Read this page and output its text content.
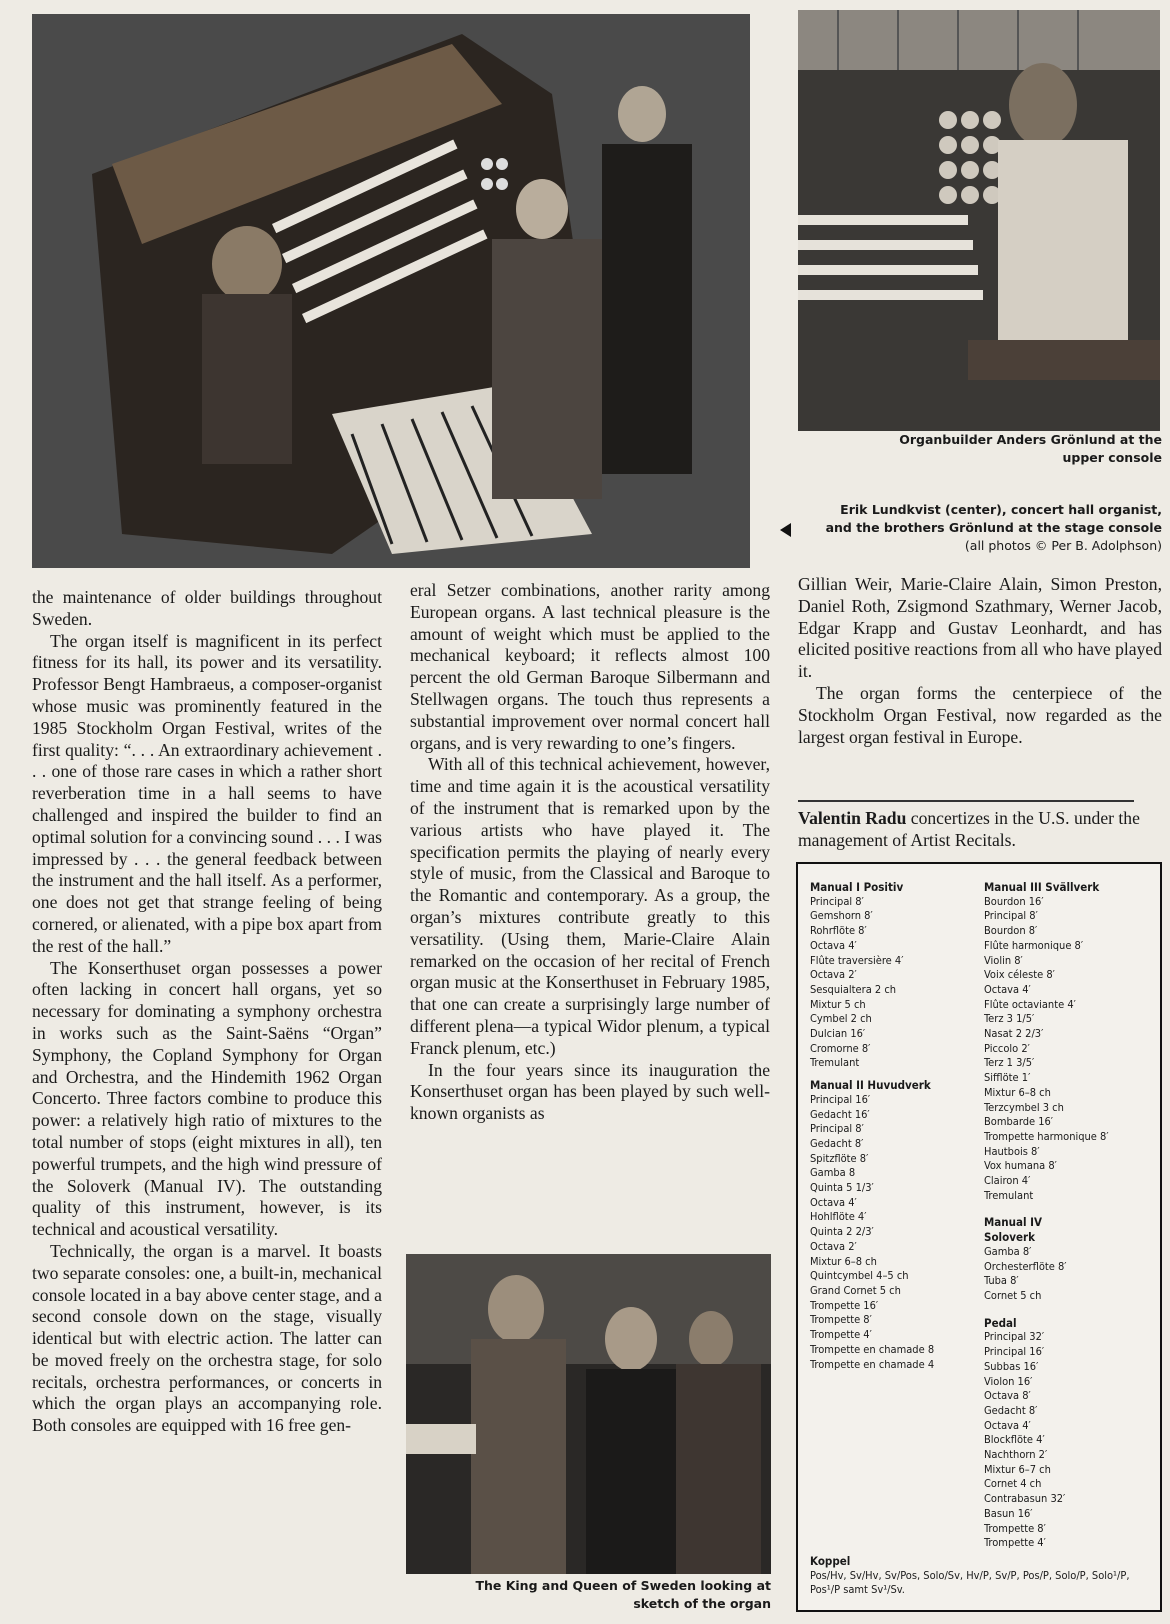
Organbuilder Anders Grönlund at the upper console
Erik Lundkvist (center), concert hall organist,
and the brothers Grönlund at the stage console
(all photos © Per B. Adolphson)
The King and Queen of Sweden looking at sketch of the organ

the maintenance of older buildings throughout Sweden.

The organ itself is magnificent in its perfect fitness for its hall, its power and its versatility. Professor Bengt Hambraeus, a composer-organist whose music was prominently featured in the 1985 Stockholm Organ Festival, writes of the first quality: “. . . An extraordinary achievement . . . one of those rare cases in which a rather short reverberation time in a hall seems to have challenged and inspired the builder to find an optimal solution for a convincing sound . . . I was impressed by . . . the general feedback between the instrument and the hall itself. As a performer, one does not get that strange feeling of being cornered, or alienated, with a pipe box apart from the rest of the hall.”

The Konserthuset organ possesses a power often lacking in concert hall organs, yet so necessary for dominating a symphony orchestra in works such as the Saint-Saëns “Organ” Symphony, the Copland Symphony for Organ and Orchestra, and the Hindemith 1962 Organ Concerto. Three factors combine to produce this power: a relatively high ratio of mixtures to the total number of stops (eight mixtures in all), ten powerful trumpets, and the high wind pressure of the Soloverk (Manual IV). The outstanding quality of this instrument, however, is its technical and acoustical versatility.

Technically, the organ is a marvel. It boasts two separate consoles: one, a built-in, mechanical console located in a bay above center stage, and a second console down on the stage, visually identical but with electric action. The latter can be moved freely on the orchestra stage, for solo recitals, orchestra performances, or concerts in which the organ plays an accompanying role. Both consoles are equipped with 16 free gen-

eral Setzer combinations, another rarity among European organs. A last technical pleasure is the amount of weight which must be applied to the mechanical keyboard; it reflects almost 100 percent the old German Baroque Silbermann and Stellwagen organs. The touch thus represents a substantial improvement over normal concert hall organs, and is very rewarding to one’s fingers.

With all of this technical achievement, however, time and time again it is the acoustical versatility of the instrument that is remarked upon by the various artists who have played it. The specification permits the playing of nearly every style of music, from the Classical and Baroque to the Romantic and contemporary. As a group, the organ’s mixtures contribute greatly to this versatility. (Using them, Marie-Claire Alain remarked on the occasion of her recital of French organ music at the Konserthuset in February 1985, that one can create a surprisingly large number of different plena—a typical Widor plenum, a typical Franck plenum, etc.)

In the four years since its inauguration the Konserthuset organ has been played by such well-known organists as

Gillian Weir, Marie-Claire Alain, Simon Preston, Daniel Roth, Zsigmond Szathmary, Werner Jacob, Edgar Krapp and Gustav Leonhardt, and has elicited positive reactions from all who have played it.

The organ forms the centerpiece of the Stockholm Organ Festival, now regarded as the largest organ festival in Europe.

Valentin Radu concertizes in the U.S. under the management of Artist Recitals.

Manual I Positiv
Principal 8′
Gemshorn 8′
Rohrflöte 8′
Octava 4′
Flûte traversière 4′
Octava 2′
Sesquialtera 2 ch
Mixtur 5 ch
Cymbel 2 ch
Dulcian 16′
Cromorne 8′
Tremulant
Manual II Huvudverk
Principal 16′
Gedacht 16′
Principal 8′
Gedacht 8′
Spitzflöte 8′
Gamba 8
Quinta 5 1/3′
Octava 4′
Hohlflöte 4′
Quinta 2 2/3′
Octava 2′
Mixtur 6–8 ch
Quintcymbel 4–5 ch
Grand Cornet 5 ch
Trompette 16′
Trompette 8′
Trompette 4′
Trompette en chamade 8
Trompette en chamade 4
Manual III Svällverk
Bourdon 16′
Principal 8′
Bourdon 8′
Flûte harmonique 8′
Violin 8′
Voix céleste 8′
Octava 4′
Flûte octaviante 4′
Terz 3 1/5′
Nasat 2 2/3′
Piccolo 2′
Terz 1 3/5′
Sifflöte 1′
Mixtur 6–8 ch
Terzcymbel 3 ch
Bombarde 16′
Trompette harmonique 8′
Hautbois 8′
Vox humana 8′
Clairon 4′
Tremulant
Manual IV Soloverk
Gamba 8′
Orchesterflöte 8′
Tuba 8′
Cornet 5 ch
Pedal
Principal 32′
Principal 16′
Subbas 16′
Violon 16′
Octava 8′
Gedacht 8′
Octava 4′
Blockflöte 4′
Nachthorn 2′
Mixtur 6–7 ch
Cornet 4 ch
Contrabasun 32′
Basun 16′
Trompette 8′
Trompette 4′
Koppel
Pos/Hv, Sv/Hv, Sv/Pos, Solo/Sv, Hv/P, Sv/P, Pos/P, Solo/P, Solo¹/P, Pos¹/P samt Sv¹/Sv.
